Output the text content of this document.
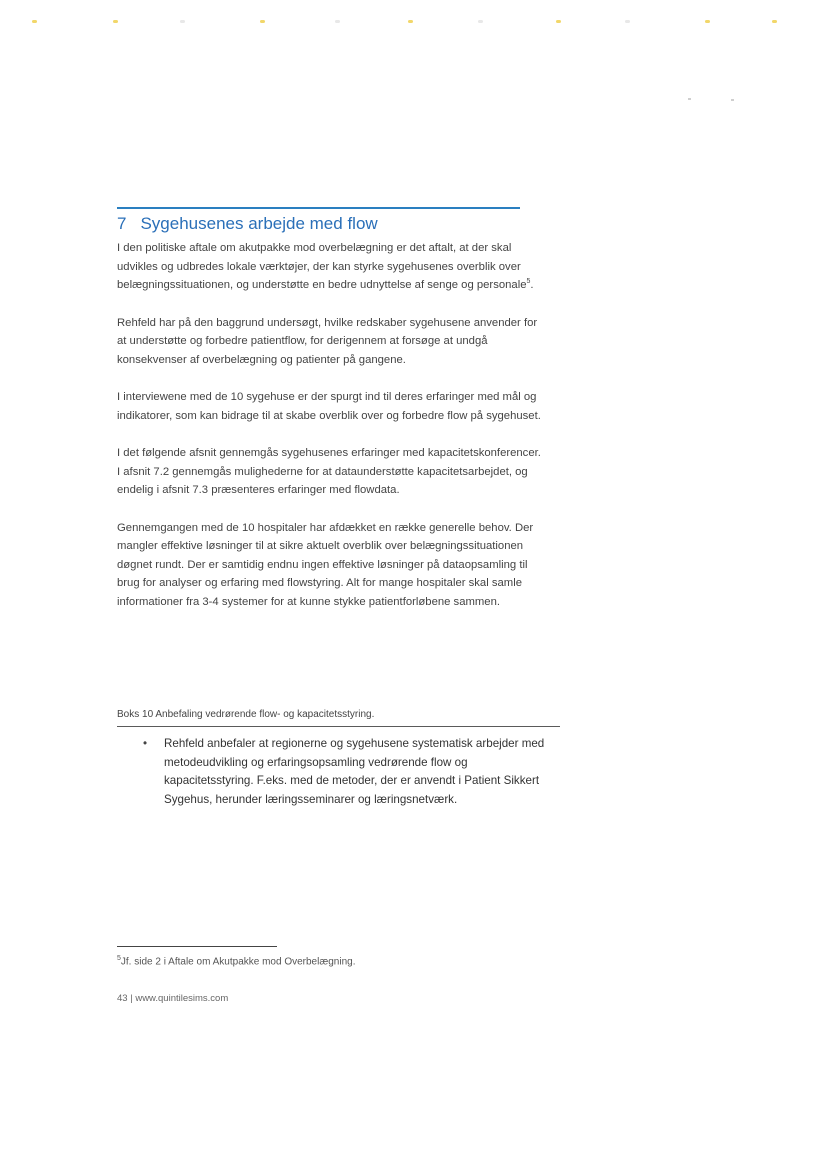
7 Sygehusenes arbejde med flow

I den politiske aftale om akutpakke mod overbelægning er det aftalt, at der skal udvikles og udbredes lokale værktøjer, der kan styrke sygehusenes overblik over belægningssituationen, og understøtte en bedre udnyttelse af senge og personale$^5$.

Rehfeld har på den baggrund undersøgt, hvilke redskaber sygehusene anvender for at understøtte og forbedre patientflow, for derigennem at forsøge at undgå konsekvenser af overbelægning og patienter på gangene.

I interviewene med de 10 sygehuse er der spurgt ind til deres erfaringer med mål og indikatorer, som kan bidrage til at skabe overblik over og forbedre flow på sygehuset.

I det følgende afsnit gennemgås sygehusenes erfaringer med kapacitetskonferencer. I afsnit 7.2 gennemgås mulighederne for at dataunderstøtte kapacitetsarbejdet, og endelig i afsnit 7.3 præsenteres erfaringer med flowdata.

Gennemgangen med de 10 hospitaler har afdækket en række generelle behov. Der mangler effektive løsninger til at sikre aktuelt overblik over belægningssituationen døgnet rundt. Der er samtidig endnu ingen effektive løsninger på dataopsamling til brug for analyser og erfaring med flowstyring. Alt for mange hospitaler skal samle informationer fra 3-4 systemer for at kunne stykke patientforløbene sammen.

Boks 10 Anbefaling vedrørende flow- og kapacitetsstyring.
• Rehfeld anbefaler at regionerne og sygehusene systematisk arbejder med metodeudvikling og erfaringsopsamling vedrørende flow og kapacitetsstyring. F.eks. med de metoder, der er anvendt i Patient Sikkert Sygehus, herunder læringsseminarer og læringsnetværk.
$^5$Jf. side 2 i Aftale om Akutpakke mod Overbelægning.
43 | www.quintilesims.com
